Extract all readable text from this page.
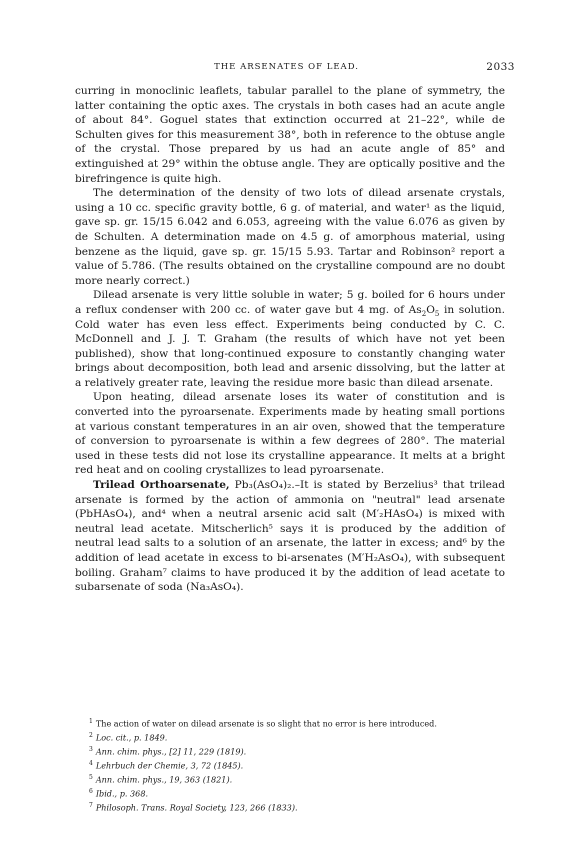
THE ARSENATES OF LEAD.	2033

curring in monoclinic leaflets, tabular parallel to the plane of symmetry, the latter containing the optic axes. The crystals in both cases had an acute angle of about 84°. Goguel states that extinction occurred at 21–22°, while de Schulten gives for this measurement 38°, both in reference to the obtuse angle of the crystal. Those prepared by us had an acute angle of 85° and extinguished at 29° within the obtuse angle. They are optically positive and the birefringence is quite high.

The determination of the density of two lots of dilead arsenate crystals, using a 10 cc. specific gravity bottle, 6 g. of material, and water¹ as the liquid, gave sp. gr. 15/15 6.042 and 6.053, agreeing with the value 6.076 as given by de Schulten. A determination made on 4.5 g. of amorphous material, using benzene as the liquid, gave sp. gr. 15/15 5.93. Tartar and Robinson² report a value of 5.786. (The results obtained on the crystalline compound are no doubt more nearly correct.)

Dilead arsenate is very little soluble in water; 5 g. boiled for 6 hours under a reflux condenser with 200 cc. of water gave but 4 mg. of $As_2O_5$ in solution. Cold water has even less effect. Experiments being conducted by C. C. McDonnell and J. J. T. Graham (the results of which have not yet been published), show that long-continued exposure to constantly changing water brings about decomposition, both lead and arsenic dissolving, but the latter at a relatively greater rate, leaving the residue more basic than dilead arsenate.

Upon heating, dilead arsenate loses its water of constitution and is converted into the pyroarsenate. Experiments made by heating small portions at various constant temperatures in an air oven, showed that the temperature of conversion to pyroarsenate is within a few degrees of 280°. The material used in these tests did not lose its crystalline appearance. It melts at a bright red heat and on cooling crystallizes to lead pyroarsenate.

Trilead Orthoarsenate, Pb₃(AsO₄)₂.–It is stated by Berzelius³ that trilead arsenate is formed by the action of ammonia on "neutral" lead arsenate (PbHAsO₄), and⁴ when a neutral arsenic acid salt (M′₂HAsO₄) is mixed with neutral lead acetate. Mitscherlich⁵ says it is produced by the addition of neutral lead salts to a solution of an arsenate, the latter in excess; and⁶ by the addition of lead acetate in excess to bi-arsenates (M′H₂AsO₄), with subsequent boiling. Graham⁷ claims to have produced it by the addition of lead acetate to subarsenate of soda (Na₃AsO₄).

$^1$ The action of water on dilead arsenate is so slight that no error is here introduced.

$^2$ Loc. cit., p. 1849.

$^3$ Ann. chim. phys., [2] 11, 229 (1819).

$^4$ Lehrbuch der Chemie, 3, 72 (1845).

$^5$ Ann. chim. phys., 19, 363 (1821).

$^6$ Ibid., p. 368.

$^7$ Philosoph. Trans. Royal Society, 123, 266 (1833).
